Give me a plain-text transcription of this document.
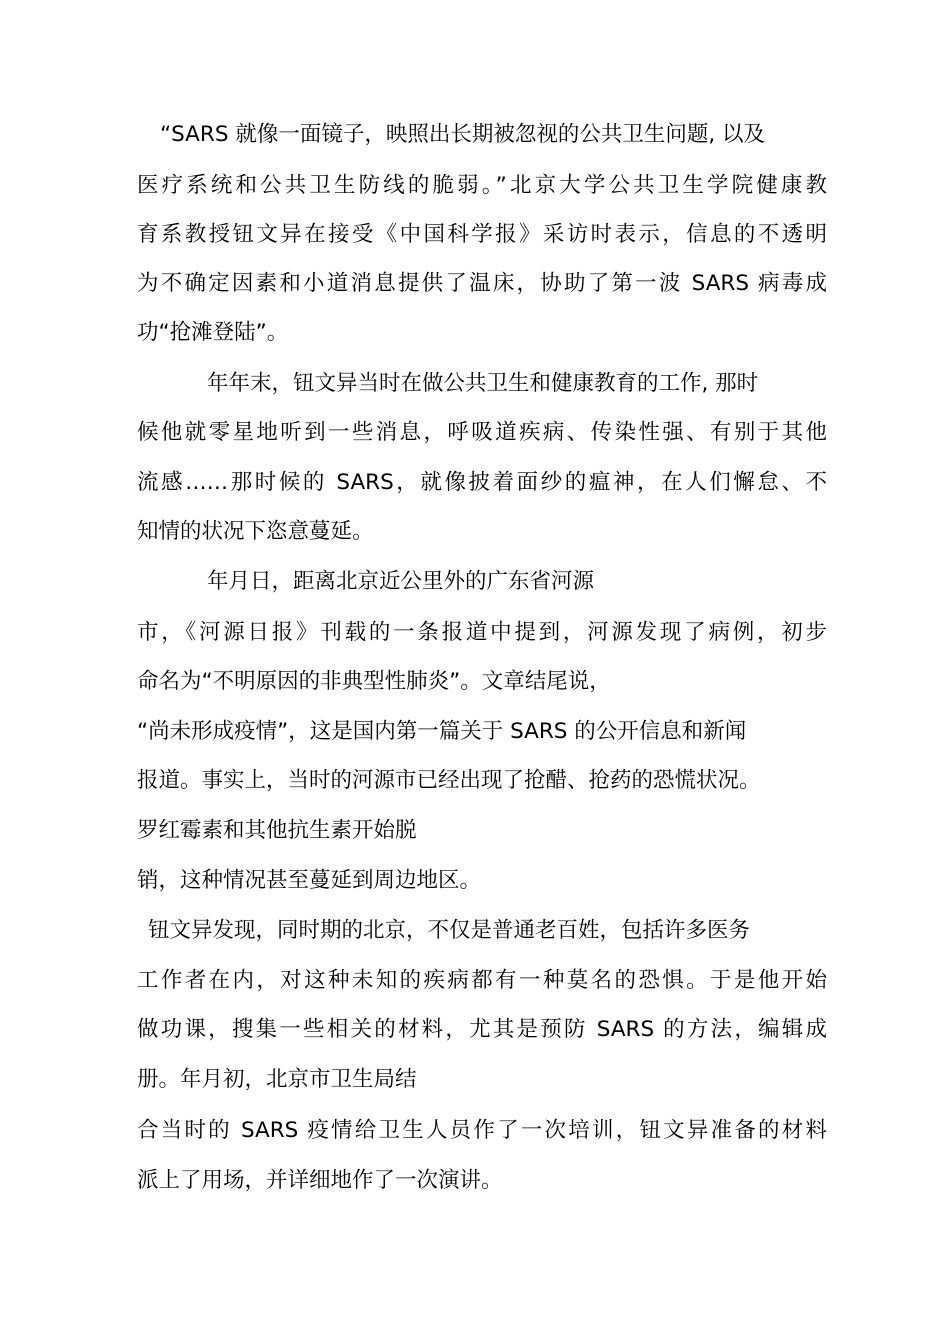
“SARS 就像一面镜子，映照出长期被忽视的公共卫生问题, 以及
医疗系统和公共卫生防线的脆弱。”北京大学公共卫生学院健康教
育系教授钮文异在接受《中国科学报》采访时表示，信息的不透明
为不确定因素和小道消息提供了温床，协助了第一波 SARS 病毒成
功“抢滩登陆”。
年年末，钮文异当时在做公共卫生和健康教育的工作, 那时
候他就零星地听到一些消息，呼吸道疾病、传染性强、有别于其他
流感……那时候的 SARS，就像披着面纱的瘟神，在人们懈怠、不
知情的状况下恣意蔓延。
年月日，距离北京近公里外的广东省河源
市，《河源日报》刊载的一条报道中提到，河源发现了病例，初步
命名为“不明原因的非典型性肺炎”。文章结尾说，
“尚未形成疫情”，这是国内第一篇关于 SARS 的公开信息和新闻
报道。事实上，当时的河源市已经出现了抢醋、抢药的恐慌状况。
罗红霉素和其他抗生素开始脱
销，这种情况甚至蔓延到周边地区。
钮文异发现，同时期的北京，不仅是普通老百姓，包括许多医务
工作者在内，对这种未知的疾病都有一种莫名的恐惧。于是他开始
做功课，搜集一些相关的材料，尤其是预防 SARS 的方法，编辑成
册。年月初，北京市卫生局结
合当时的 SARS 疫情给卫生人员作了一次培训，钮文异准备的材料
派上了用场，并详细地作了一次演讲。
